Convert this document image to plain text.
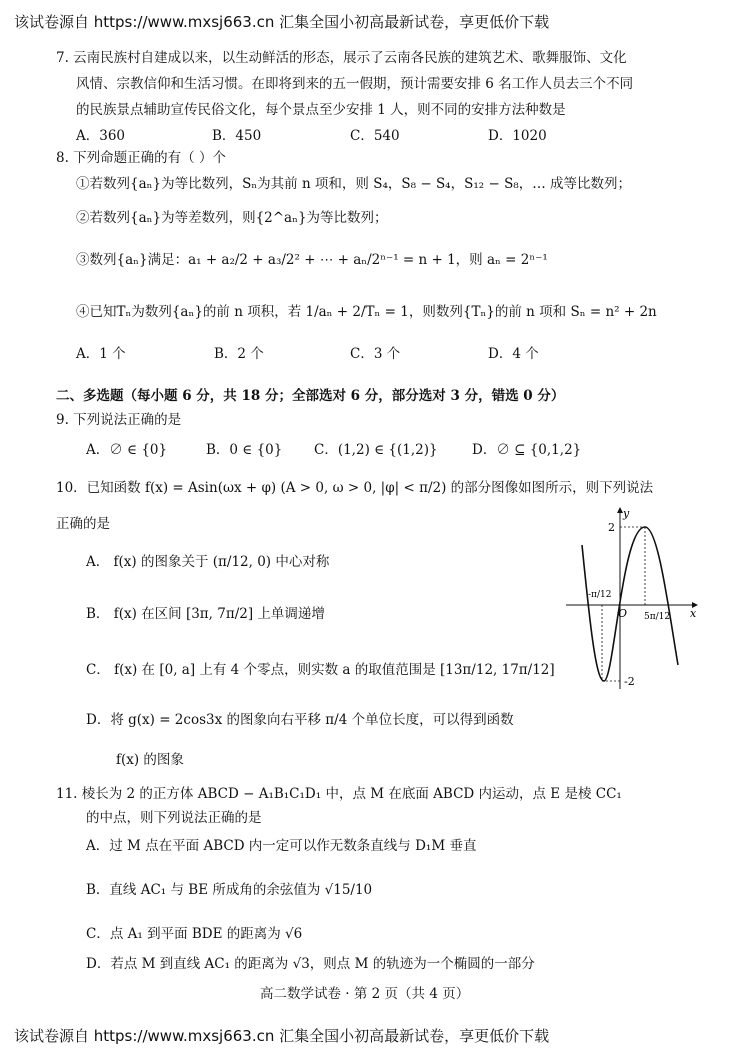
该试卷源自 https://www.mxsj663.cn 汇集全国小初高最新试卷，享更低价下载
7. 云南民族村自建成以来，以生动鲜活的形态，展示了云南各民族的建筑艺术、歌舞服饰、文化
风情、宗教信仰和生活习惯。在即将到来的五一假期，预计需要安排 6 名工作人员去三个不同
的民族景点辅助宣传民俗文化，每个景点至少安排 1 人，则不同的安排方法种数是
A．360	B．450	C．540	D．1020
8. 下列命题正确的有（ ）个
①若数列{aₙ}为等比数列，Sₙ为其前 n 项和，则 S₄，S₈ − S₄，S₁₂ − S₈，… 成等比数列；
②若数列{aₙ}为等差数列，则{2^aₙ}为等比数列；
③数列{aₙ}满足：a₁ + a₂/2 + a₃/2² + ⋯ + aₙ/2ⁿ⁻¹ = n + 1，则 aₙ = 2ⁿ⁻¹
④已知Tₙ为数列{aₙ}的前 n 项积，若 1/aₙ + 2/Tₙ = 1，则数列{Tₙ}的前 n 项和 Sₙ = n² + 2n
A．1 个	B．2 个	C．3 个	D．4 个
二、多选题（每小题 6 分，共 18 分；全部选对 6 分，部分选对 3 分，错选 0 分）
9. 下列说法正确的是
A．∅ ∈ {0}	B．0 ∈ {0} C．(1,2) ∈ {(1,2)}	D．∅ ⊆ {0,1,2}
10．已知函数 f(x) = Asin(ωx + φ) (A > 0, ω > 0, |φ| < π/2) 的部分图像如图所示，则下列说法
正确的是
A． f(x) 的图象关于 (π/12, 0) 中心对称
B． f(x) 在区间 [3π, 7π/2] 上单调递增
C． f(x) 在 [0, a] 上有 4 个零点，则实数 a 的取值范围是 [13π/12, 17π/12]
D．将 g(x) = 2cos3x 的图象向右平移 π/4 个单位长度，可以得到函数
f(x) 的图象
y
x
O
2
-2
-π/12
5π/12
11. 棱长为 2 的正方体 ABCD − A₁B₁C₁D₁ 中，点 M 在底面 ABCD 内运动，点 E 是棱 CC₁
的中点，则下列说法正确的是
A．过 M 点在平面 ABCD 内一定可以作无数条直线与 D₁M 垂直
B．直线 AC₁ 与 BE 所成角的余弦值为 √15/10
C．点 A₁ 到平面 BDE 的距离为 √6
D．若点 M 到直线 AC₁ 的距离为 √3，则点 M 的轨迹为一个椭圆的一部分
高二数学试卷 · 第 2 页（共 4 页）
该试卷源自 https://www.mxsj663.cn 汇集全国小初高最新试卷，享更低价下载
